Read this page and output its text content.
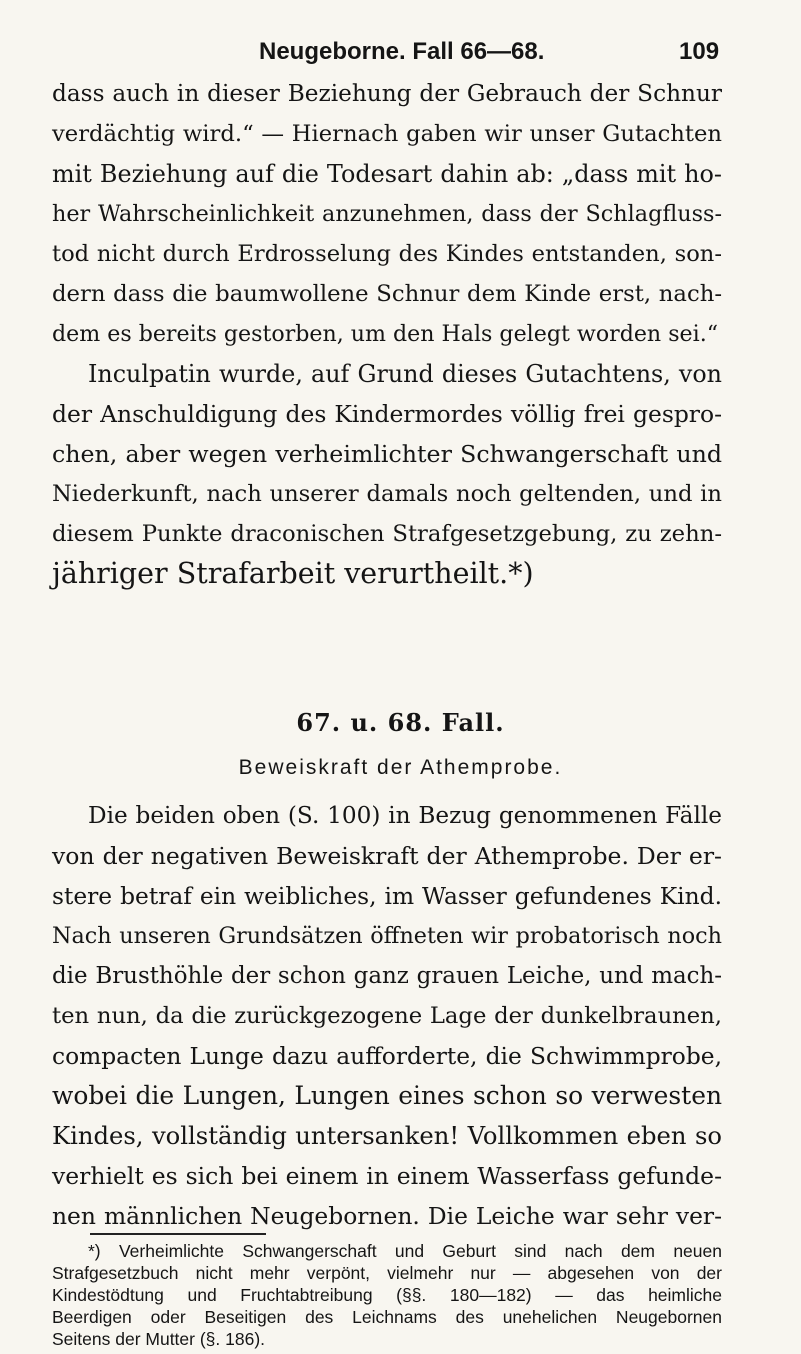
Neugeborne. Fall 66—68.	109
dass auch in dieser Beziehung der Gebrauch der Schnur
verdächtig wird.“ — Hiernach gaben wir unser Gutachten
mit Beziehung auf die Todesart dahin ab: „dass mit ho-
her Wahrscheinlichkeit anzunehmen, dass der Schlagfluss-
tod nicht durch Erdrosselung des Kindes entstanden, son-
dern dass die baumwollene Schnur dem Kinde erst, nach-
dem es bereits gestorben, um den Hals gelegt worden sei.“
Inculpatin wurde, auf Grund dieses Gutachtens, von
der Anschuldigung des Kindermordes völlig frei gespro-
chen, aber wegen verheimlichter Schwangerschaft und
Niederkunft, nach unserer damals noch geltenden, und in
diesem Punkte draconischen Strafgesetzgebung, zu zehn-
jähriger Strafarbeit verurtheilt.*)
67. u. 68. Fall.
Beweiskraft der Athemprobe.
Die beiden oben (S. 100) in Bezug genommenen Fälle
von der negativen Beweiskraft der Athemprobe. Der er-
stere betraf ein weibliches, im Wasser gefundenes Kind.
Nach unseren Grundsätzen öffneten wir probatorisch noch
die Brusthöhle der schon ganz grauen Leiche, und mach-
ten nun, da die zurückgezogene Lage der dunkelbraunen,
compacten Lunge dazu aufforderte, die Schwimmprobe,
wobei die Lungen, Lungen eines schon so verwesten
Kindes, vollständig untersanken! Vollkommen eben so
verhielt es sich bei einem in einem Wasserfass gefunde-
nen männlichen Neugebornen. Die Leiche war sehr ver-
*) Verheimlichte Schwangerschaft und Geburt sind nach dem neuen
Strafgesetzbuch nicht mehr verpönt, vielmehr nur — abgesehen von der
Kindestödtung und Fruchtabtreibung (§§. 180—182) — das heimliche
Beerdigen oder Beseitigen des Leichnams des unehelichen Neugebornen
Seitens der Mutter (§. 186).
